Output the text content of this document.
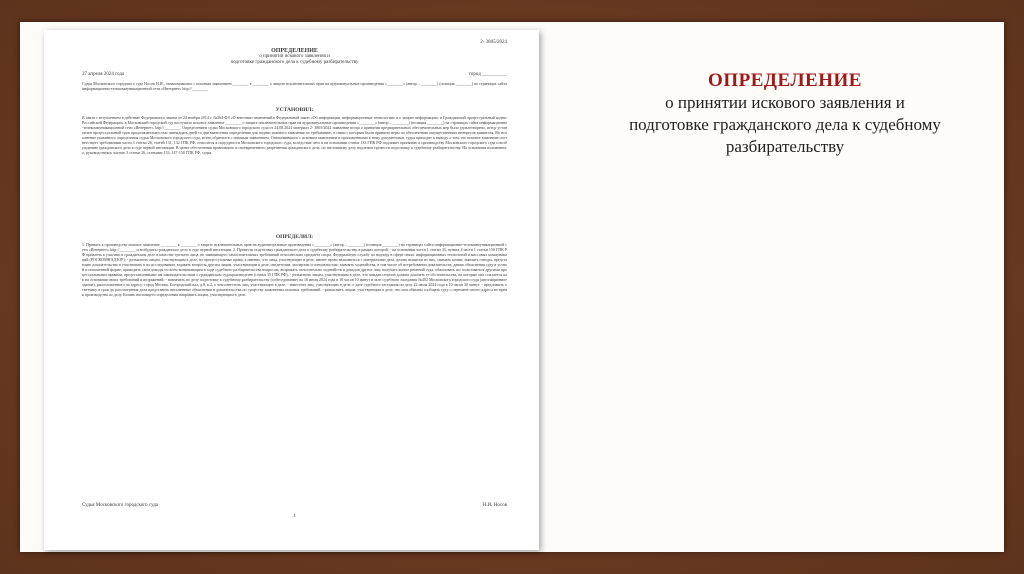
2- 3805/2024
ОПРЕДЕЛЕНИЕ
о принятии искового заявления и
подготовке гражданского дела к судебному разбирательству
27 апреля 2024 года	город __________
Судья Московского городского суда Носов Н.И., ознакомившись с исковым заявлением ________ к ________ о защите исключительных прав на аудиовизуальные произведения «________» (автор – ________) (позиция ________) на страницах сайта информационно-телекоммуникационной сети «Интернет» http://________
УСТАНОВИЛ:
В связи с вступлением в действие Федерального закона от 24 ноября 2014 г. №364-ФЗ «О внесении изменений в Федеральный закон «Об информации, информационных технологиях и о защите информации» и Гражданский процессуальный кодекс Российской Федерации» в Московский городской суд поступило исковое заявление ________ о защите исключительных прав на аудиовизуальные произведения «________» (автор – ________) (позиция ________) на страницах сайта информационно-телекоммуникационной сети «Интернет» http://________. Определением судьи Московского городского суда от 24.08.2024 материал 2- 3805/2024 заявление истца о принятии предварительных обеспечительных мер было удовлетворено, истцу установлен процессуальный срок продолжительностью пятнадцать дней со дня вынесения определения для подачи искового заявления по требованию, в связи с которым были приняты меры по обеспечению имущественных интересов заявителя. Во исполнение указанного определения судьи Московского городского суда, истец обратился с исковым заявлением. Ознакомившись с исковым заявлением и приложенными к нему документами, судья приходит к выводу о том, что исковое заявление соответствует требованиям части 3 статьи 26, статей 131, 132 ГПК РФ, относится к подсудности Московского городского суда, вследствие чего и на основании статьи 133 ГПК РФ подлежит принятию к производству Московского городского суда и возбуждению гражданского дела в суде первой инстанции. В целях обеспечения правильного и своевременного разрешения гражданского дела, по настоящему делу надлежит провести подготовку к судебному разбирательству. На основании изложенного, руководствуясь частью 3 статьи 26, статьями 133, 147-150 ГПК РФ, судья
ОПРЕДЕЛИЛ:
1. Принять к производству исковое заявление ________ к ________ о защите исключительных прав на аудиовизуальные произведения «________» (автор – ________) (позиция ________) на страницах сайта информационно-телекоммуникационной сети «Интернет» http://________ и возбудить гражданское дело в суде первой инстанции. 2. Провести подготовку гражданского дела к судебному разбирательству, в рамках которой: - на основании части 1 статьи 43, пункта 4 части 1 статьи 150 ГПК РФ привлечь к участию в гражданском деле в качестве третьего лица, не заявляющего самостоятельных требований относительно предмета спора, Федеральную службу по надзору в сфере связи, информационных технологий и массовых коммуникаций (РОСКОМНАДЗОР); - разъяснить лицам, участвующим в деле, их процессуальные права, а именно, что лица, участвующие в деле, имеют право знакомиться с материалами дела, делать выписки из них, снимать копии, заявлять отводы, представлять доказательства и участвовать в их исследовании, задавать вопросы другим лицам, участвующим в деле, свидетелям, экспертам и специалистам; заявлять ходатайства, в том числе об истребовании доказательств, давать объяснения суду в устной и письменной форме; приводить свои доводы по всем возникающим в ходе судебного разбирательства вопросам, возражать относительно ходатайств и доводов других лиц; получать копии решений суда, обжаловать их; пользоваться другими процессуальными правами, предоставленными им законодательством о гражданском судопроизводстве (статья 35 ГПК РФ); - разъяснить лицам, участвующим в деле, что каждая сторона должна доказать те обстоятельства, на которые она ссылается как на основания своих требований и возражений; - назначить по делу подготовку к судебному разбирательству (собеседование) на 16 июля 2024 года в 10 часов 10 минут в зале судебного заседания №402 Московского городского суда (апелляционное здание), расположенного по адресу: город Москва, Богородский вал, д.8, к.2, о чем известить лиц, участвующих в деле. - известить лиц, участвующих в деле, о дате судебного заседания по делу 22 июля 2024 года в 10 часов 30 минут. - предложить ответчику в срок до рассмотрения дела представить письменные объяснения и доказательства по существу заявленных исковых требований. - разъяснить лицам, участвующим в деле, что они обязаны сообщать суду о перемене своего адреса во время производства по делу. Копию настоящего определения направить лицам, участвующим в деле.
Судья Московского городского суда	Н.И. Носов
1
ОПРЕДЕЛЕНИЕ
о принятии искового заявления и
подготовке гражданского дела к судебному
разбирательству
